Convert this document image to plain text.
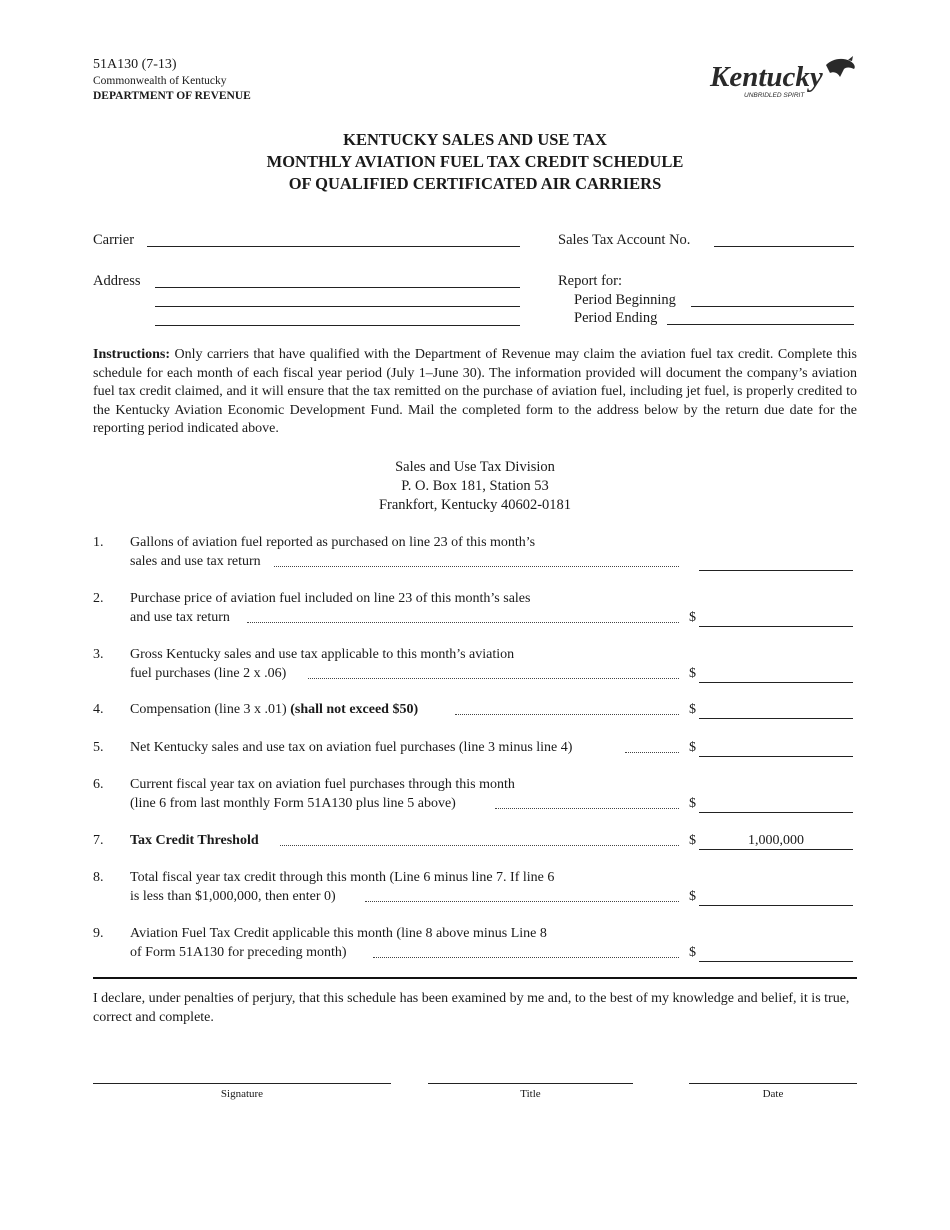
51A130 (7-13)
Commonwealth of Kentucky
DEPARTMENT OF REVENUE
Kentucky
UNBRIDLED SPIRIT
KENTUCKY SALES AND USE TAX
MONTHLY AVIATION FUEL TAX CREDIT SCHEDULE
OF QUALIFIED CERTIFICATED AIR CARRIERS
Carrier
Address
Sales Tax Account No.
Report for:
Period Beginning
Period Ending
Instructions: Only carriers that have qualified with the Department of Revenue may claim the aviation fuel tax credit. Complete this schedule for each month of each fiscal year period (July 1–June 30). The information provided will document the company’s aviation fuel tax credit claimed, and it will ensure that the tax remitted on the purchase of aviation fuel, including jet fuel, is properly credited to the Kentucky Aviation Economic Development Fund. Mail the completed form to the address below by the return due date for the reporting period indicated above.
Sales and Use Tax Division
P. O. Box 181, Station 53
Frankfort, Kentucky 40602-0181
1. Gallons of aviation fuel reported as purchased on line 23 of this month’s
sales and use tax return
2. Purchase price of aviation fuel included on line 23 of this month’s sales
and use tax return	$
3. Gross Kentucky sales and use tax applicable to this month’s aviation
fuel purchases (line 2 x .06)	$
4. Compensation (line 3 x .01) (shall not exceed $50)	$
5. Net Kentucky sales and use tax on aviation fuel purchases (line 3 minus line 4)	$
6. Current fiscal year tax on aviation fuel purchases through this month
(line 6 from last monthly Form 51A130 plus line 5 above)	$
7. Tax Credit Threshold	$	1,000,000
8. Total fiscal year tax credit through this month (Line 6 minus line 7. If line 6
is less than $1,000,000, then enter 0)	$
9. Aviation Fuel Tax Credit applicable this month (line 8 above minus Line 8
of Form 51A130 for preceding month)	$
I declare, under penalties of perjury, that this schedule has been examined by me and, to the best of my knowledge and belief, it is true, correct and complete.
Signature	Title	Date
